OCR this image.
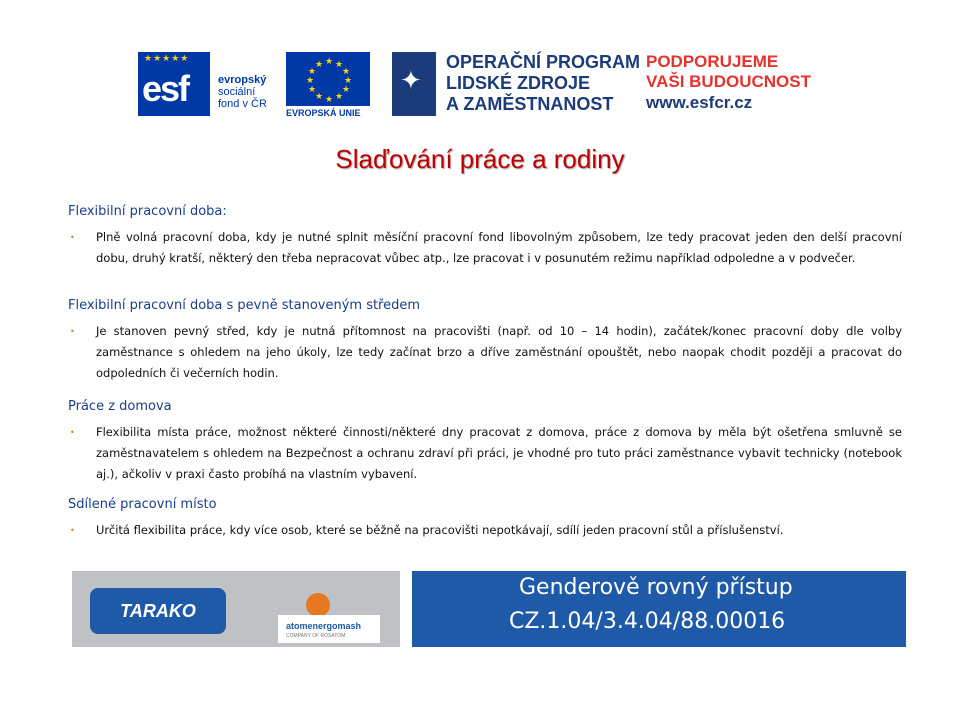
★★★★★
esf	evropský
sociální
fond v ČR
★ ★
★
★
★
★
★
★
★
★
★
★
EVROPSKÁ UNIE
✦
OPERAČNÍ PROGRAM
LIDSKÉ ZDROJE
A ZAMĚSTNANOST
PODPORUJEME
VAŠI BUDOUCNOST
www.esfcr.cz
Slaďování práce a rodiny
Flexibilní pracovní doba:
• Plně volná pracovní doba, kdy je nutné splnit měsíční pracovní fond libovolným způsobem, lze tedy pracovat jeden den delší pracovní dobu, druhý kratší, některý den třeba nepracovat vůbec atp., lze pracovat i v posunutém režimu například odpoledne a v podvečer.
Flexibilní pracovní doba s pevně stanoveným středem
• Je stanoven pevný střed, kdy je nutná přítomnost na pracovišti (např. od 10 – 14 hodin), začátek/konec pracovní doby dle volby zaměstnance s ohledem na jeho úkoly, lze tedy začínat brzo a dříve zaměstnání opouštět, nebo naopak chodit později a pracovat do odpoledních či večerních hodin.
Práce z domova
• Flexibilita místa práce, možnost některé činnosti/některé dny pracovat z domova, práce z domova by měla být ošetřena smluvně se zaměstnavatelem s ohledem na Bezpečnost a ochranu zdraví při práci, je vhodné pro tuto práci zaměstnance vybavit technicky (notebook aj.), ačkoliv v praxi často probíhá na vlastním vybavení.
Sdílené pracovní místo
• Určitá flexibilita práce, kdy více osob, které se běžně na pracovišti nepotkávají, sdílí jeden pracovní stůl a příslušenství.
TARAKO
atomenergomash
COMPANY OF ROSATOM
Genderově rovný přístup
CZ.1.04/3.4.04/88.00016
